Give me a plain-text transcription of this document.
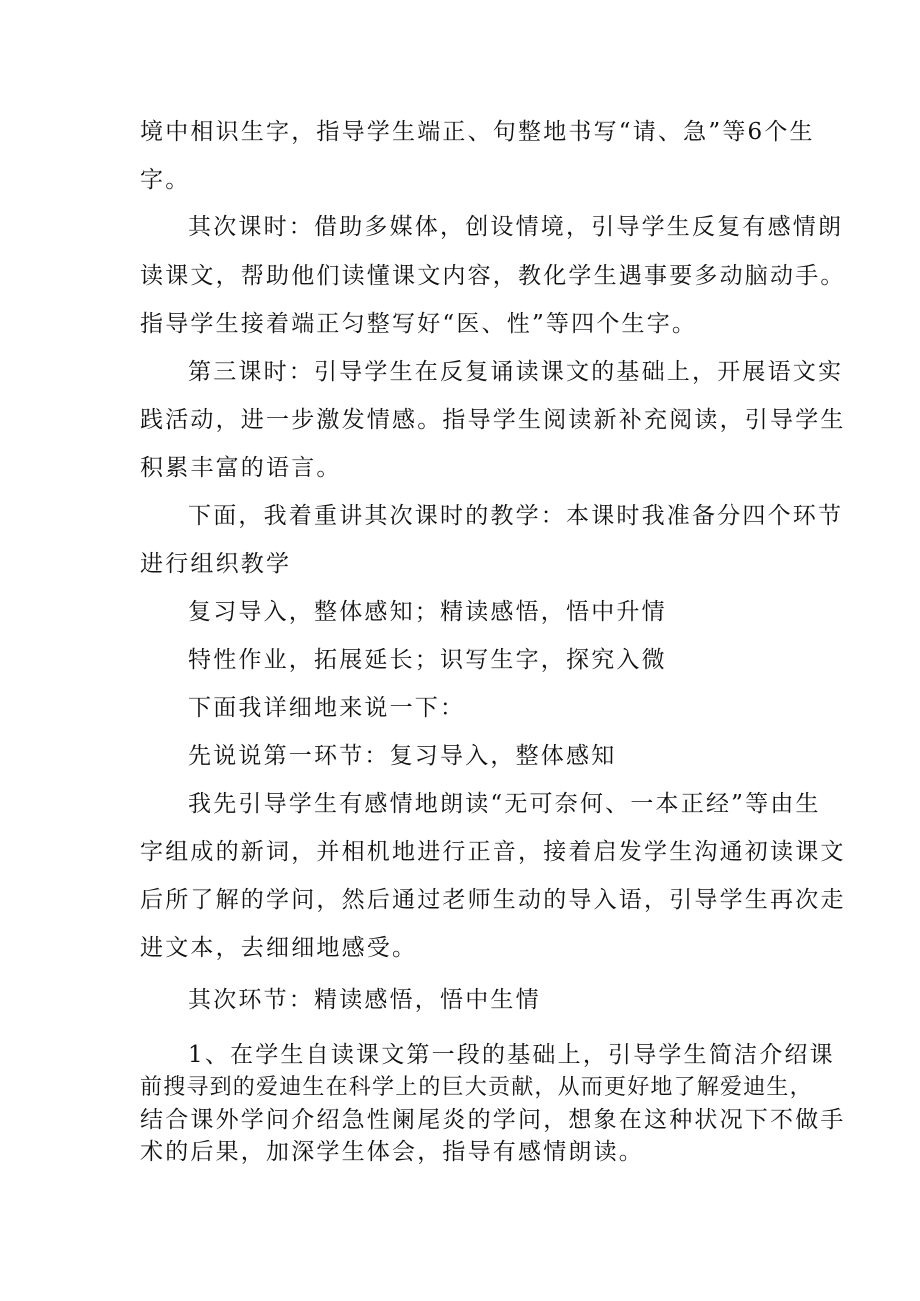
境中相识生字，指导学生端正、句整地书写“请、急”等6个生
字。
其次课时：借助多媒体，创设情境，引导学生反复有感情朗
读课文，帮助他们读懂课文内容，教化学生遇事要多动脑动手。
指导学生接着端正匀整写好“医、性”等四个生字。
第三课时：引导学生在反复诵读课文的基础上，开展语文实
践活动，进一步激发情感。指导学生阅读新补充阅读，引导学生
积累丰富的语言。
下面，我着重讲其次课时的教学：本课时我准备分四个环节
进行组织教学
复习导入，整体感知；精读感悟，悟中升情
特性作业，拓展延长；识写生字，探究入微
下面我详细地来说一下：
先说说第一环节：复习导入，整体感知
我先引导学生有感情地朗读“无可奈何、一本正经”等由生
字组成的新词，并相机地进行正音，接着启发学生沟通初读课文
后所了解的学问，然后通过老师生动的导入语，引导学生再次走
进文本，去细细地感受。
其次环节：精读感悟，悟中生情
1、在学生自读课文第一段的基础上，引导学生简洁介绍课
前搜寻到的爱迪生在科学上的巨大贡献，从而更好地了解爱迪生，
结合课外学问介绍急性阑尾炎的学问，想象在这种状况下不做手
术的后果，加深学生体会，指导有感情朗读。
